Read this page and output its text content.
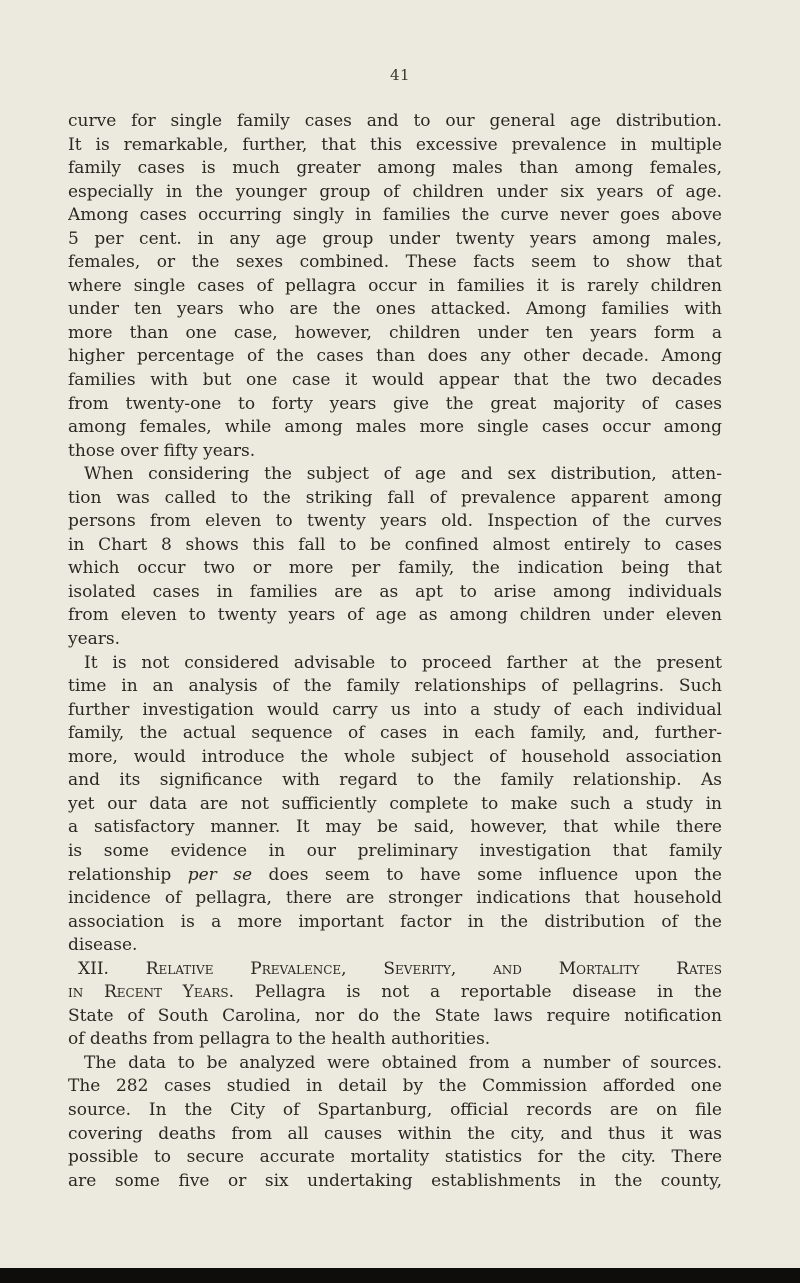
41
curve for single family cases and to our general age distribution.
It is remarkable, further, that this excessive prevalence in multiple
family cases is much greater among males than among females,
especially in the younger group of children under six years of age.
Among cases occurring singly in families the curve never goes above
5 per cent. in any age group under twenty years among males,
females, or the sexes combined. These facts seem to show that
where single cases of pellagra occur in families it is rarely children
under ten years who are the ones attacked. Among families with
more than one case, however, children under ten years form a
higher percentage of the cases than does any other decade. Among
families with but one case it would appear that the two decades
from twenty-one to forty years give the great majority of cases
among females, while among males more single cases occur among
those over fifty years.
When considering the subject of age and sex distribution, atten-
tion was called to the striking fall of prevalence apparent among
persons from eleven to twenty years old. Inspection of the curves
in Chart 8 shows this fall to be confined almost entirely to cases
which occur two or more per family, the indication being that
isolated cases in families are as apt to arise among individuals
from eleven to twenty years of age as among children under eleven
years.
It is not considered advisable to proceed farther at the present
time in an analysis of the family relationships of pellagrins. Such
further investigation would carry us into a study of each individual
family, the actual sequence of cases in each family, and, further-
more, would introduce the whole subject of household association
and its significance with regard to the family relationship. As
yet our data are not sufficiently complete to make such a study in
a satisfactory manner. It may be said, however, that while there
is some evidence in our preliminary investigation that family
relationship per se does seem to have some influence upon the
incidence of pellagra, there are stronger indications that household
association is a more important factor in the distribution of the
disease.
XII. Relative Prevalence, Severity, and Mortality Rates
in Recent Years. Pellagra is not a reportable disease in the
State of South Carolina, nor do the State laws require notification
of deaths from pellagra to the health authorities.
The data to be analyzed were obtained from a number of sources.
The 282 cases studied in detail by the Commission afforded one
source. In the City of Spartanburg, official records are on file
covering deaths from all causes within the city, and thus it was
possible to secure accurate mortality statistics for the city. There
are some five or six undertaking establishments in the county,
